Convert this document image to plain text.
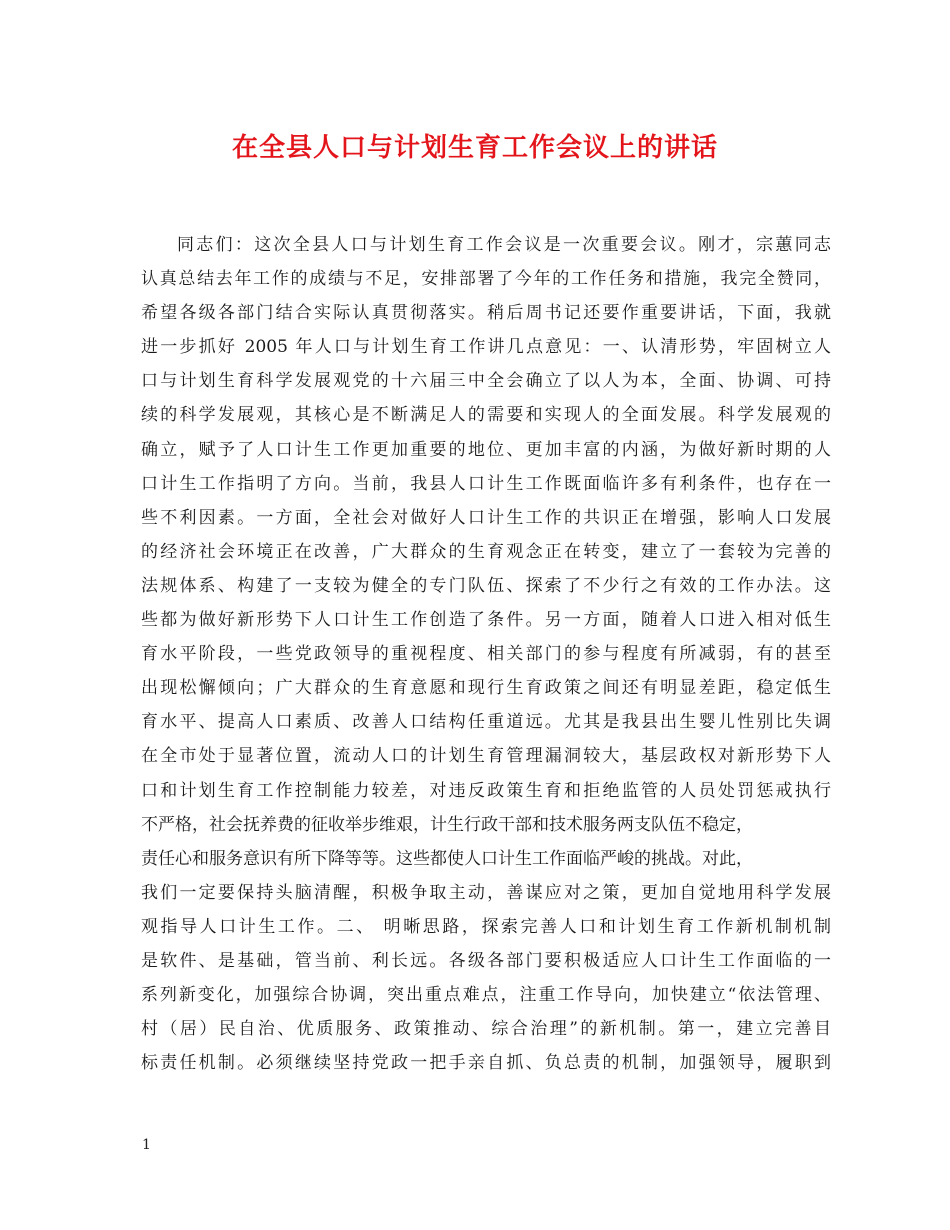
在全县人口与计划生育工作会议上的讲话
同志们：这次全县人口与计划生育工作会议是一次重要会议。刚才，宗蕙同志
认真总结去年工作的成绩与不足，安排部署了今年的工作任务和措施，我完全赞同，
希望各级各部门结合实际认真贯彻落实。稍后周书记还要作重要讲话，下面，我就
进一步抓好 2005 年人口与计划生育工作讲几点意见：一、认清形势，牢固树立人
口与计划生育科学发展观党的十六届三中全会确立了以人为本，全面、协调、可持
续的科学发展观，其核心是不断满足人的需要和实现人的全面发展。科学发展观的
确立，赋予了人口计生工作更加重要的地位、更加丰富的内涵，为做好新时期的人
口计生工作指明了方向。当前，我县人口计生工作既面临许多有利条件，也存在一
些不利因素。一方面，全社会对做好人口计生工作的共识正在增强，影响人口发展
的经济社会环境正在改善，广大群众的生育观念正在转变，建立了一套较为完善的
法规体系、构建了一支较为健全的专门队伍、探索了不少行之有效的工作办法。这
些都为做好新形势下人口计生工作创造了条件。另一方面，随着人口进入相对低生
育水平阶段，一些党政领导的重视程度、相关部门的参与程度有所减弱，有的甚至
出现松懈倾向；广大群众的生育意愿和现行生育政策之间还有明显差距，稳定低生
育水平、提高人口素质、改善人口结构任重道远。尤其是我县出生婴儿性别比失调
在全市处于显著位置，流动人口的计划生育管理漏洞较大，基层政权对新形势下人
口和计划生育工作控制能力较差，对违反政策生育和拒绝监管的人员处罚惩戒执行
不严格，社会抚养费的征收举步维艰，计生行政干部和技术服务两支队伍不稳定，
责任心和服务意识有所下降等等。这些都使人口计生工作面临严峻的挑战。对此，
我们一定要保持头脑清醒，积极争取主动，善谋应对之策，更加自觉地用科学发展
观指导人口计生工作。二、 明晰思路，探索完善人口和计划生育工作新机制机制
是软件、是基础，管当前、利长远。各级各部门要积极适应人口计生工作面临的一
系列新变化，加强综合协调，突出重点难点，注重工作导向，加快建立“依法管理、
村（居）民自治、优质服务、政策推动、综合治理”的新机制。第一，建立完善目
标责任机制。必须继续坚持党政一把手亲自抓、负总责的机制，加强领导，履职到
1
